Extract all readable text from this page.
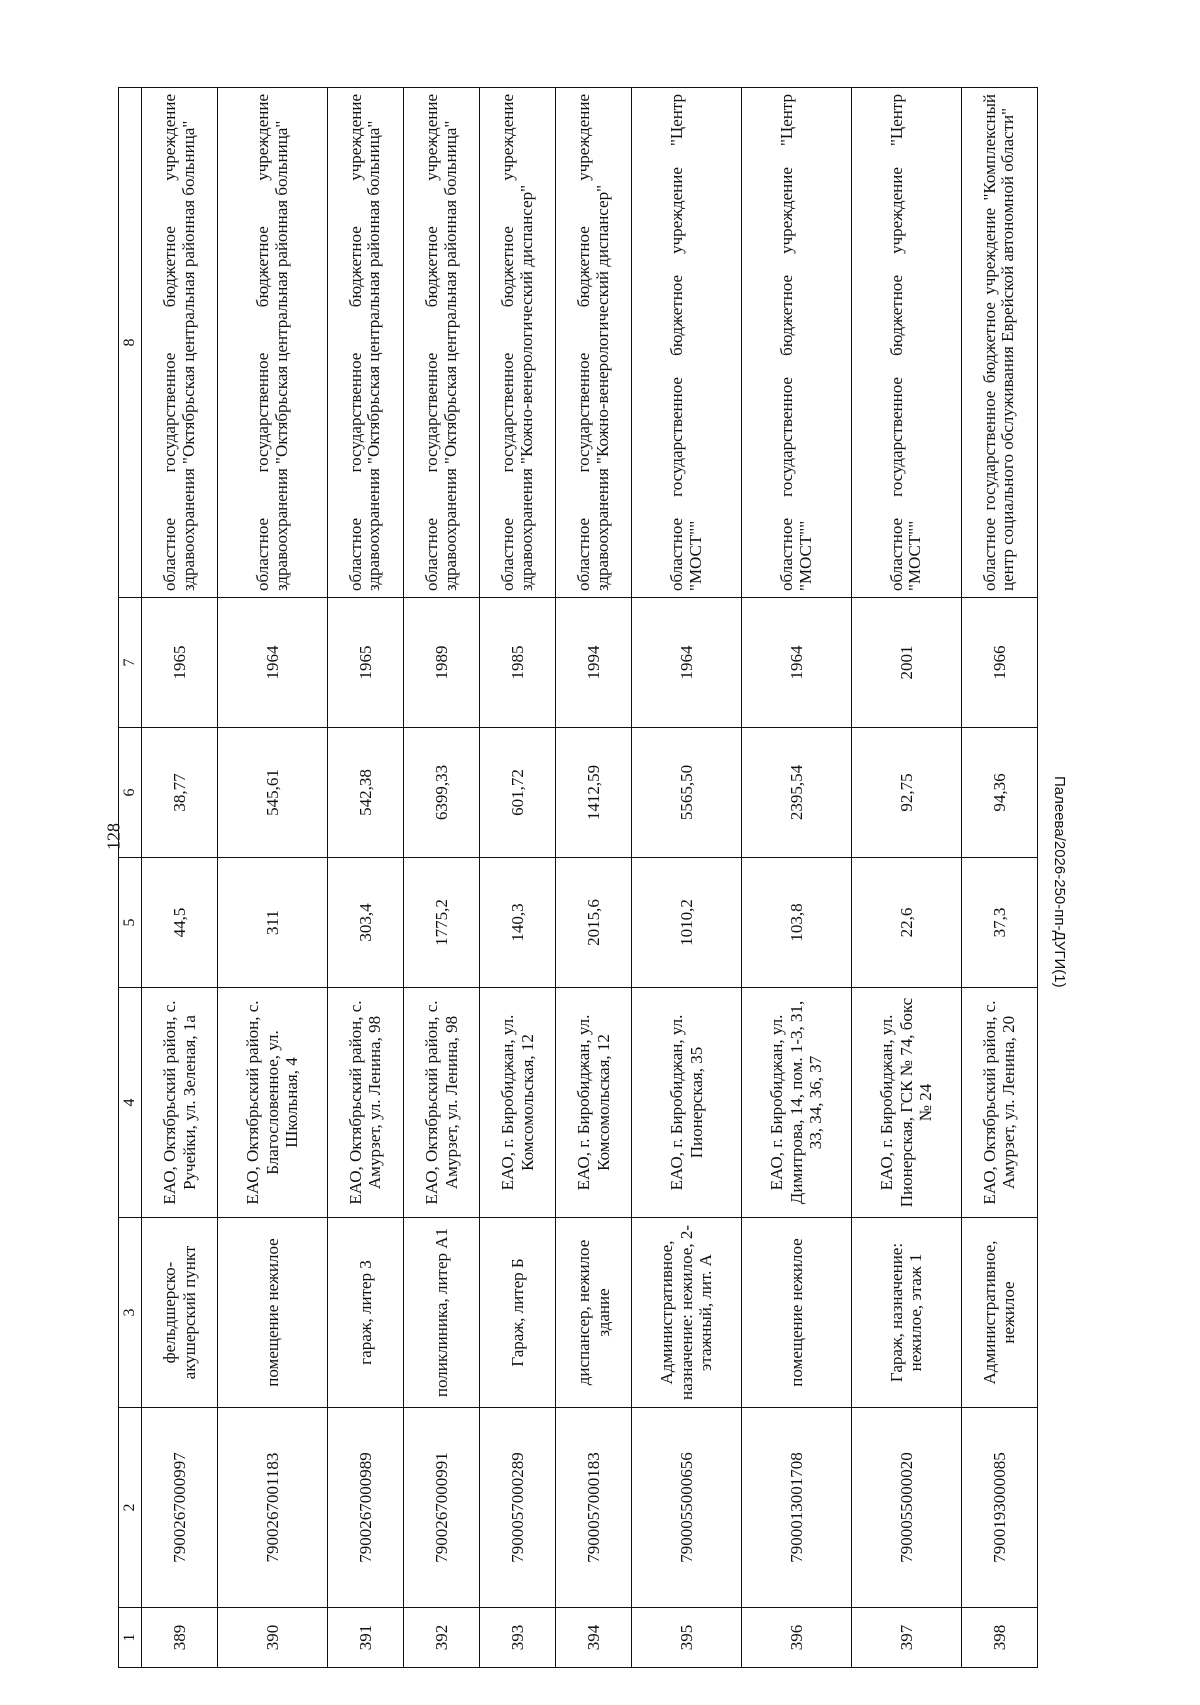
128
1	2	3	4	5	6	7	8
389	7900267000997	фельдшерско-акушерский пункт	ЕАО, Октябрьский район, с. Ручейки, ул. Зеленая, 1а	44,5	38,77	1965	областное государственное бюджетное учреждение здравоохранения "Октябрьская центральная районная больница"
390	7900267001183	помещение нежилое	ЕАО, Октябрьский район, с. Благословенное, ул. Школьная, 4	311	545,61	1964	областное государственное бюджетное учреждение здравоохранения "Октябрьская центральная районная больница"
391	7900267000989	гараж, литер 3	ЕАО, Октябрьский район, с. Амурзет, ул. Ленина, 98	303,4	542,38	1965	областное государственное бюджетное учреждение здравоохранения "Октябрьская центральная районная больница"
392	7900267000991	поликлиника, литер А1	ЕАО, Октябрьский район, с. Амурзет, ул. Ленина, 98	1775,2	6399,33	1989	областное государственное бюджетное учреждение здравоохранения "Октябрьская центральная районная больница"
393	7900057000289	Гараж, литер Б	ЕАО, г. Биробиджан, ул. Комсомольская, 12	140,3	601,72	1985	областное государственное бюджетное учреждение здравоохранения "Кожно-венерологический диспансер"
394	7900057000183	диспансер, нежилое здание	ЕАО, г. Биробиджан, ул. Комсомольская, 12	2015,6	1412,59	1994	областное государственное бюджетное учреждение здравоохранения "Кожно-венерологический диспансер"
395	7900055000656	Административное, назначение: нежилое, 2-этажный, лит. А	ЕАО, г. Биробиджан, ул. Пионерская, 35	1010,2	5565,50	1964	областное государственное бюджетное учреждение "Центр "МОСТ""
396	7900013001708	помещение нежилое	ЕАО, г. Биробиджан, ул. Димитрова, 14, пом. 1-3, 31, 33, 34, 36, 37	103,8	2395,54	1964	областное государственное бюджетное учреждение "Центр "МОСТ""
397	7900055000020	Гараж, назначение: нежилое, этаж 1	ЕАО, г. Биробиджан, ул. Пионерская, ГСК № 74, бокс № 24	22,6	92,75	2001	областное государственное бюджетное учреждение "Центр "МОСТ""
398	7900193000085	Административное, нежилое	ЕАО, Октябрьский район, с. Амурзет, ул. Ленина, 20	37,3	94,36	1966	областное государственное бюджетное учреждение "Комплексный центр социального обслуживания Еврейской автономной области"
Палеева/2026-250-пп-ДУГИ(1)
